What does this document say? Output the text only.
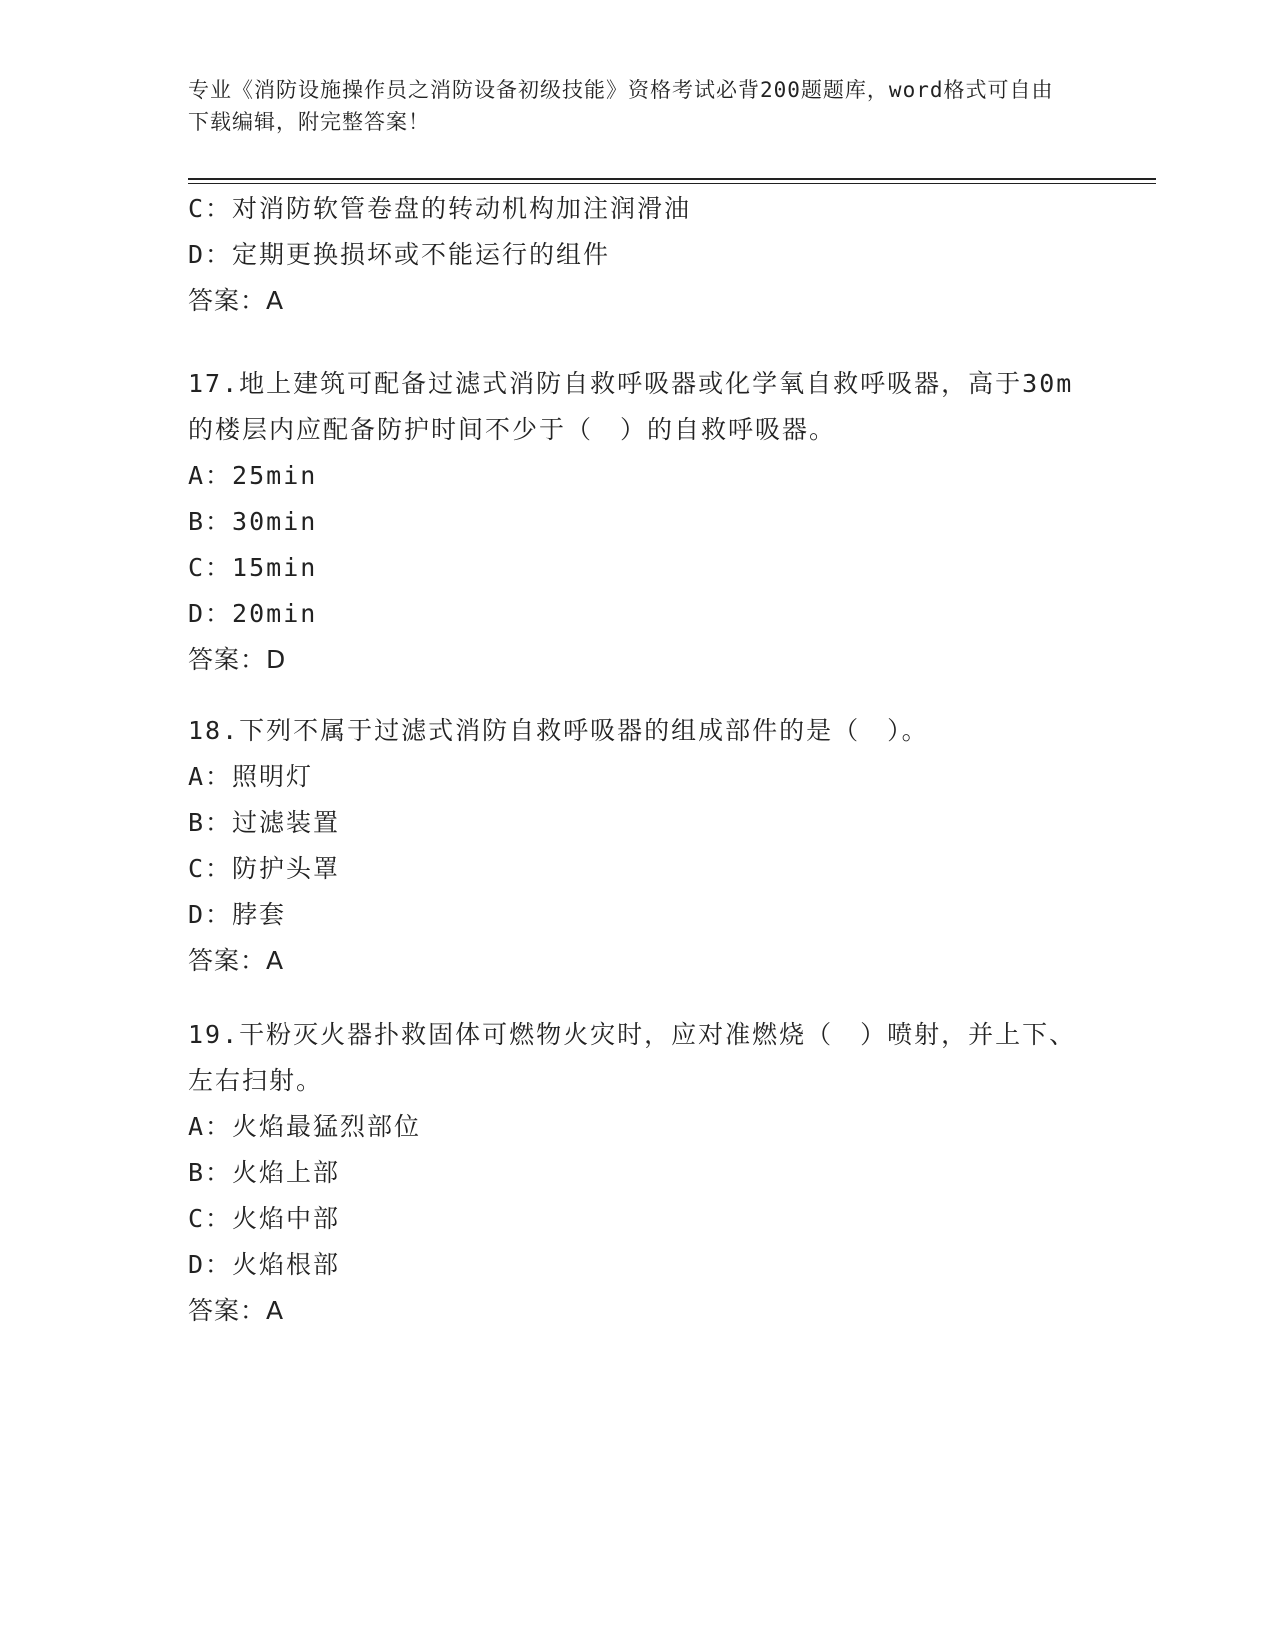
专业《消防设施操作员之消防设备初级技能》资格考试必背200题题库，word格式可自由下载编辑，附完整答案！
C：对消防软管卷盘的转动机构加注润滑油
D：定期更换损坏或不能运行的组件
答案：A
17.地上建筑可配备过滤式消防自救呼吸器或化学氧自救呼吸器，高于30m的楼层内应配备防护时间不少于（　）的自救呼吸器。
A：25min
B：30min
C：15min
D：20min
答案：D
18.下列不属于过滤式消防自救呼吸器的组成部件的是（　）。
A：照明灯
B：过滤装置
C：防护头罩
D：脖套
答案：A
19.干粉灭火器扑救固体可燃物火灾时，应对准燃烧（　）喷射，并上下、左右扫射。
A：火焰最猛烈部位
B：火焰上部
C：火焰中部
D：火焰根部
答案：A
